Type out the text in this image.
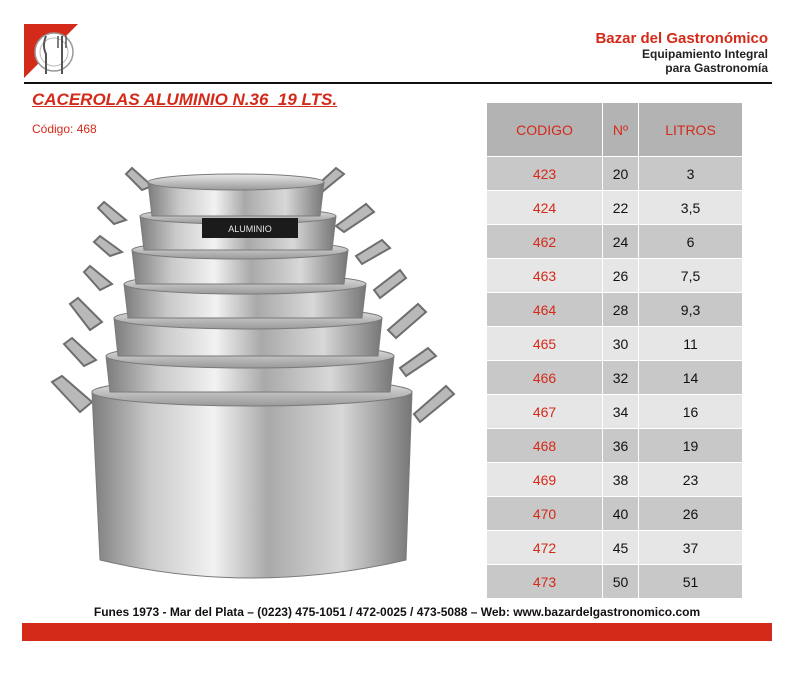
Bazar del Gastronómico
Equipamiento Integral
para Gastronomía
CACEROLAS ALUMINIO N.36  19 LTS.
Código: 468
ALUMINIO
CODIGO	Nº	LITROS
423	20	3
424	22	3,5
462	24	6
463	26	7,5
464	28	9,3
465	30	11
466	32	14
467	34	16
468	36	19
469	38	23
470	40	26
472	45	37
473	50	51
Funes 1973 - Mar del Plata – (0223) 475-1051 / 472-0025 / 473-5088 – Web: www.bazardelgastronomico.com
